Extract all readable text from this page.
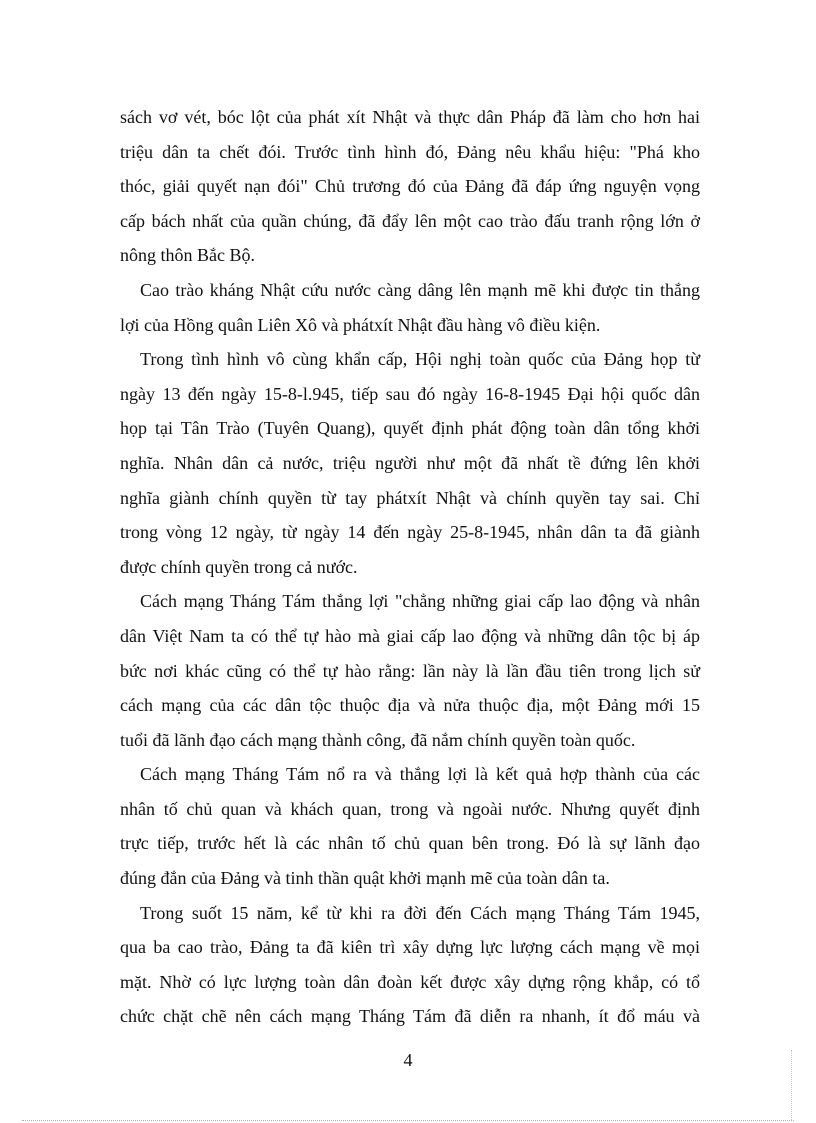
sách vơ vét, bóc lột của phát xít Nhật và thực dân Pháp đã làm cho hơn hai
triệu dân ta chết đói. Trước tình hình đó, Đảng nêu khẩu hiệu: "Phá kho
thóc, giải quyết nạn đói" Chủ trương đó của Đảng đã đáp ứng nguyện vọng
cấp bách nhất của quần chúng, đã đẩy lên một cao trào đấu tranh rộng lớn ở
nông thôn Bắc Bộ.

Cao trào kháng Nhật cứu nước càng dâng lên mạnh mẽ khi được tin thắng
lợi của Hồng quân Liên Xô và phátxít Nhật đầu hàng vô điều kiện.

Trong tình hình vô cùng khẩn cấp, Hội nghị toàn quốc của Đảng họp từ
ngày 13 đến ngày 15-8-l.945, tiếp sau đó ngày 16-8-1945 Đại hội quốc dân
họp tại Tân Trào (Tuyên Quang), quyết định phát động toàn dân tổng khởi
nghĩa. Nhân dân cả nước, triệu người như một đã nhất tề đứng lên khởi
nghĩa giành chính quyền từ tay phátxít Nhật và chính quyền tay sai. Chỉ
trong vòng 12 ngày, từ ngày 14 đến ngày 25-8-1945, nhân dân ta đã giành
được chính quyền trong cả nước.

Cách mạng Tháng Tám thắng lợi "chẳng những giai cấp lao động và nhân
dân Việt Nam ta có thể tự hào mà giai cấp lao động và những dân tộc bị áp
bức nơi khác cũng có thể tự hào rằng: lần này là lần đầu tiên trong lịch sử
cách mạng của các dân tộc thuộc địa và nửa thuộc địa, một Đảng mới 15
tuổi đã lãnh đạo cách mạng thành công, đã nắm chính quyền toàn quốc.

Cách mạng Tháng Tám nổ ra và thắng lợi là kết quả hợp thành của các
nhân tố chủ quan và khách quan, trong và ngoài nước. Nhưng quyết định
trực tiếp, trước hết là các nhân tố chủ quan bên trong. Đó là sự lãnh đạo
đúng đắn của Đảng và tinh thần quật khởi mạnh mẽ của toàn dân ta.

Trong suốt 15 năm, kể từ khi ra đời đến Cách mạng Tháng Tám 1945,
qua ba cao trào, Đảng ta đã kiên trì xây dựng lực lượng cách mạng về mọi
mặt. Nhờ có lực lượng toàn dân đoàn kết được xây dựng rộng khắp, có tổ
chức chặt chẽ nên cách mạng Tháng Tám đã diễn ra nhanh, ít đổ máu và

4
